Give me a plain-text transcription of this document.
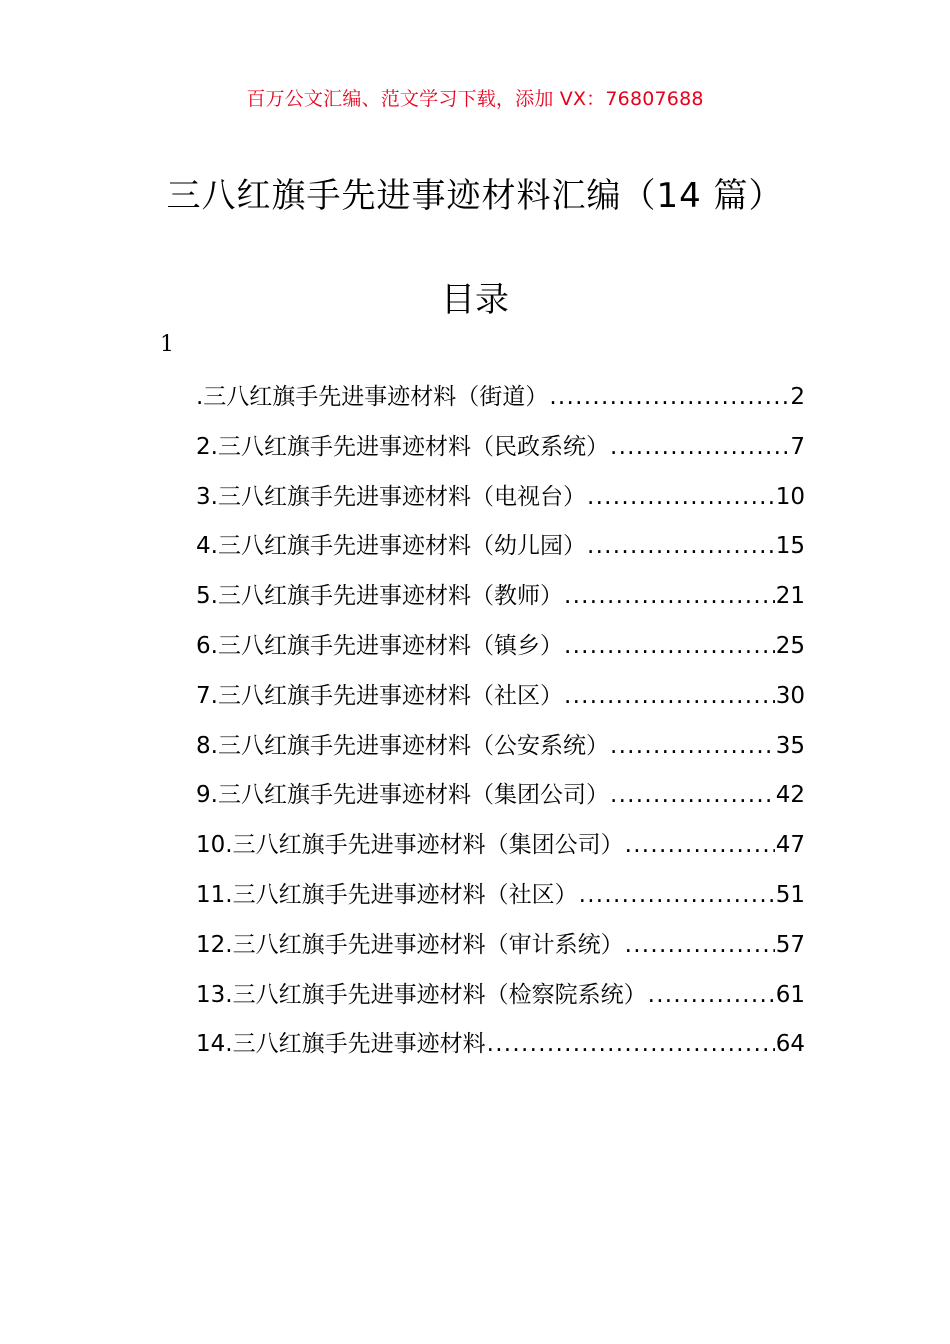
百万公文汇编、范文学习下载，添加 VX：76807688
三八红旗手先进事迹材料汇编（14 篇）
目录
1
.三八红旗手先进事迹材料（街道） .....	2
2.三八红旗手先进事迹材料（民政系统） .....	7
3.三八红旗手先进事迹材料（电视台） .....	10
4.三八红旗手先进事迹材料（幼儿园） .....	15
5.三八红旗手先进事迹材料（教师） .....	21
6.三八红旗手先进事迹材料（镇乡） .....	25
7.三八红旗手先进事迹材料（社区） .....	30
8.三八红旗手先进事迹材料（公安系统） .....	35
9.三八红旗手先进事迹材料（集团公司） .....	42
10.三八红旗手先进事迹材料（集团公司） .....	47
11.三八红旗手先进事迹材料（社区） .....	51
12.三八红旗手先进事迹材料（审计系统） .....	57
13.三八红旗手先进事迹材料（检察院系统） .....	61
14.三八红旗手先进事迹材料 .....	64
